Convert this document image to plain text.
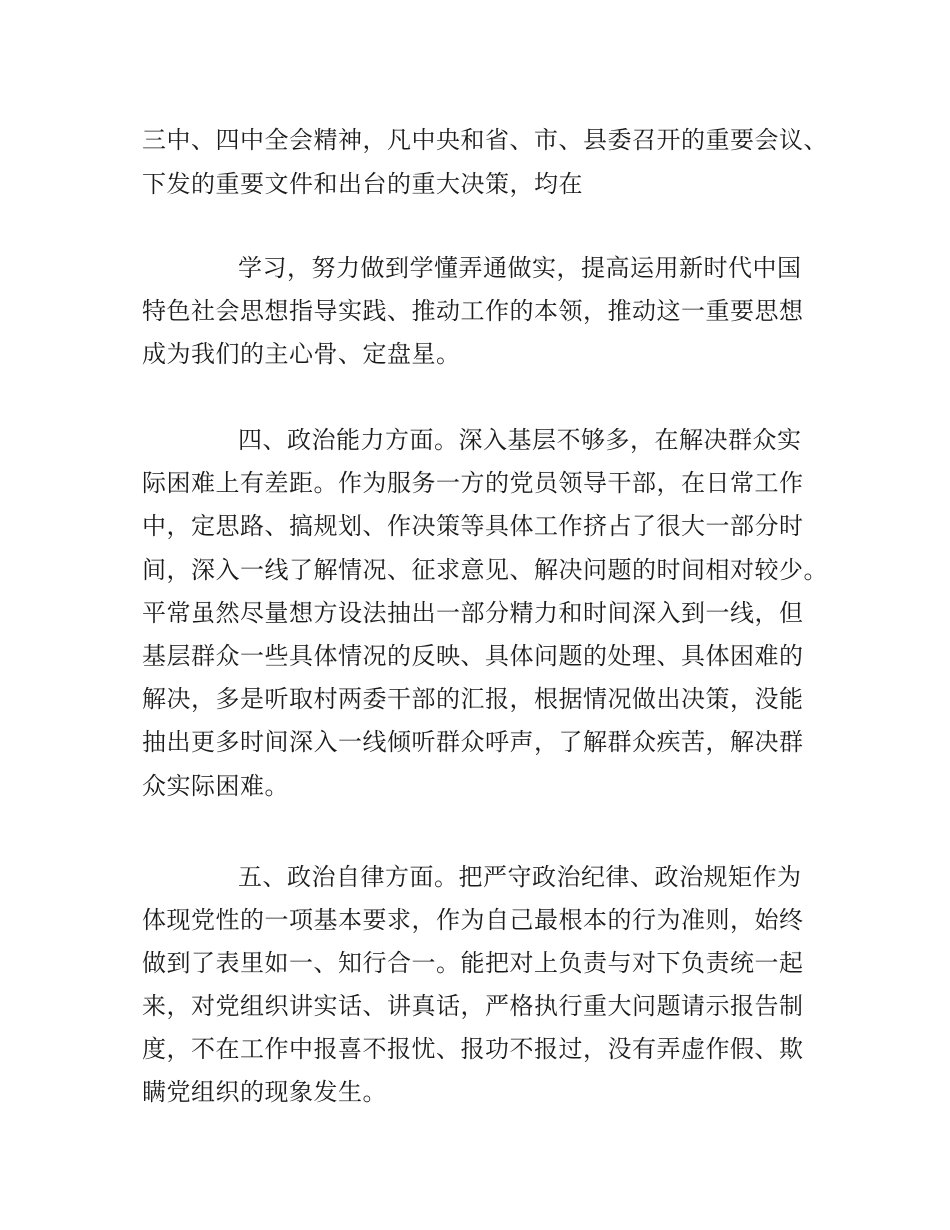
三中、四中全会精神，凡中央和省、市、县委召开的重要会议、
下发的重要文件和出台的重大决策，均在
学习，努力做到学懂弄通做实，提高运用新时代中国
特色社会思想指导实践、推动工作的本领，推动这一重要思想
成为我们的主心骨、定盘星。
四、政治能力方面。深入基层不够多，在解决群众实
际困难上有差距。作为服务一方的党员领导干部，在日常工作
中，定思路、搞规划、作决策等具体工作挤占了很大一部分时
间，深入一线了解情况、征求意见、解决问题的时间相对较少。
平常虽然尽量想方设法抽出一部分精力和时间深入到一线，但
基层群众一些具体情况的反映、具体问题的处理、具体困难的
解决，多是听取村两委干部的汇报，根据情况做出决策，没能
抽出更多时间深入一线倾听群众呼声，了解群众疾苦，解决群
众实际困难。
五、政治自律方面。把严守政治纪律、政治规矩作为
体现党性的一项基本要求，作为自己最根本的行为准则，始终
做到了表里如一、知行合一。能把对上负责与对下负责统一起
来，对党组织讲实话、讲真话，严格执行重大问题请示报告制
度，不在工作中报喜不报忧、报功不报过，没有弄虚作假、欺
瞒党组织的现象发生。
